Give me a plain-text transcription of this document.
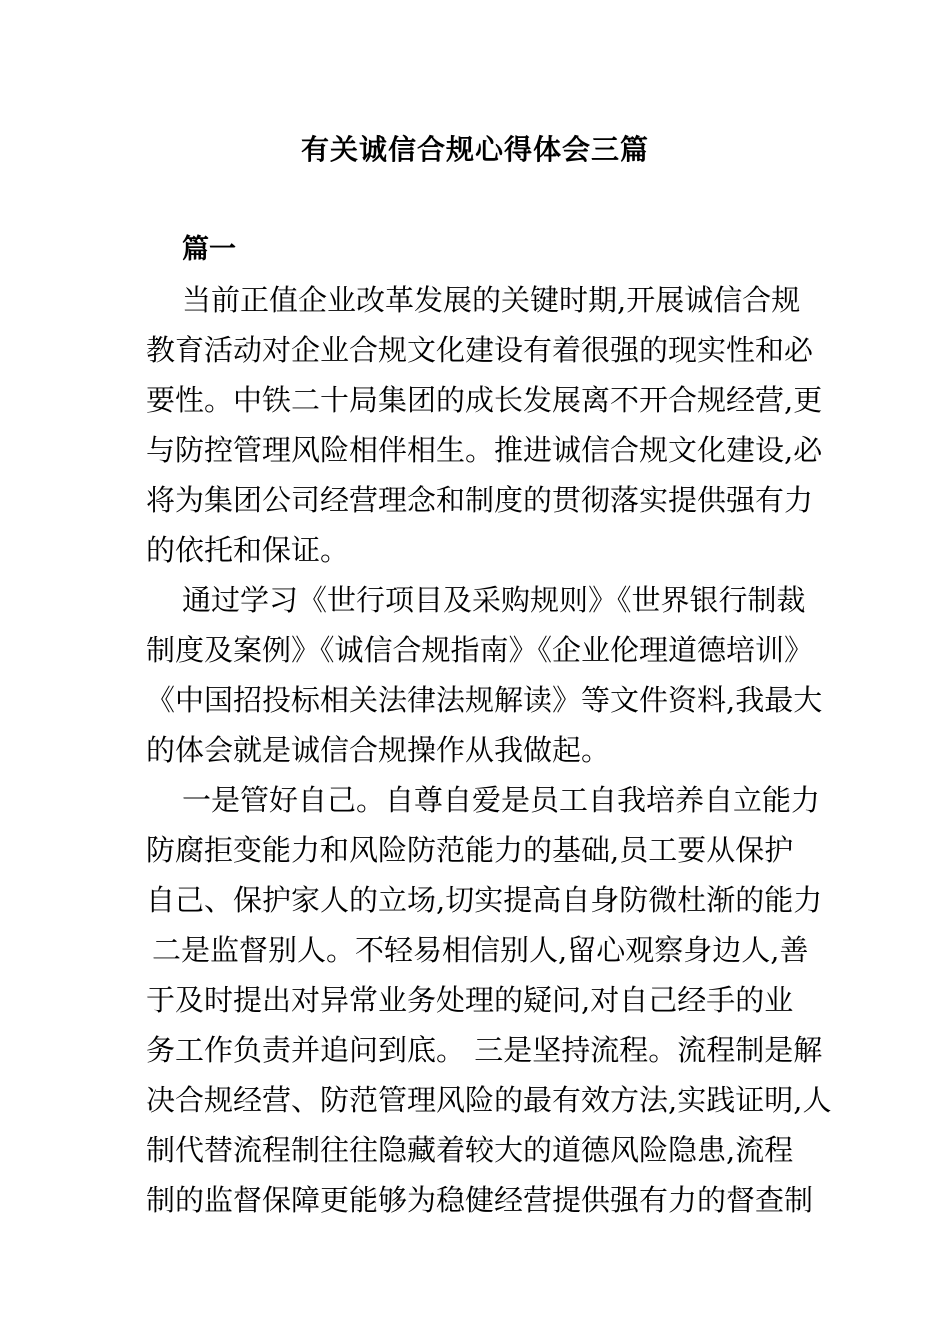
有关诚信合规心得体会三篇
篇一

当前正值企业改革发展的关键时期,开展诚信合规

教育活动对企业合规文化建设有着很强的现实性和必

要性。中铁二十局集团的成长发展离不开合规经营,更

与防控管理风险相伴相生。推进诚信合规文化建设,必

将为集团公司经营理念和制度的贯彻落实提供强有力

的依托和保证。

通过学习《世行项目及采购规则》《世界银行制裁

制度及案例》《诚信合规指南》《企业伦理道德培训》

《中国招投标相关法律法规解读》等文件资料,我最大

的体会就是诚信合规操作从我做起。

一是管好自己。自尊自爱是员工自我培养自立能力

防腐拒变能力和风险防范能力的基础,员工要从保护

自己、保护家人的立场,切实提高自身防微杜渐的能力

二是监督别人。不轻易相信别人,留心观察身边人,善

于及时提出对异常业务处理的疑问,对自己经手的业

务工作负责并追问到底。 三是坚持流程。流程制是解

决合规经营、防范管理风险的最有效方法,实践证明,人

制代替流程制往往隐藏着较大的道德风险隐患,流程

制的监督保障更能够为稳健经营提供强有力的督查制
